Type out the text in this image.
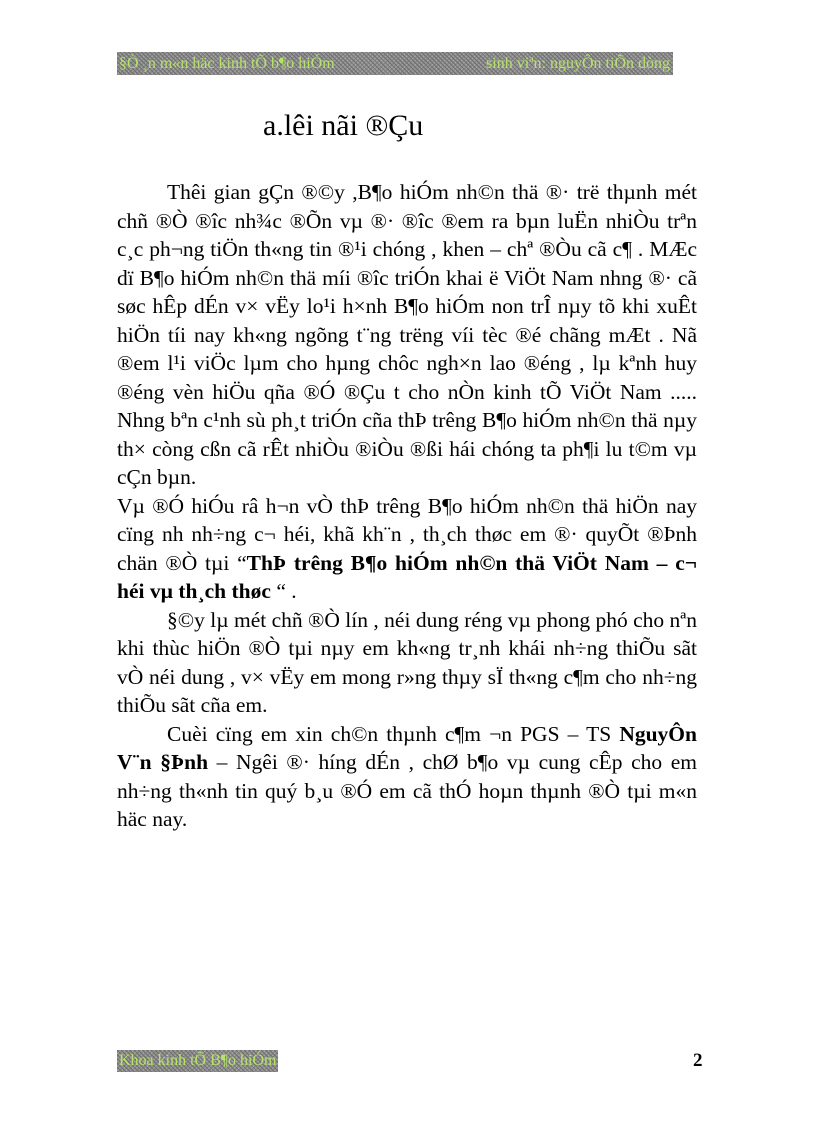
§Ò ¸n m«n häc kinh tÕ b¶o hiÓm	sinh viªn: nguyÔn tiÕn dòng
a.lêi nãi ®Çu

Thêi gian gÇn ®©y ,B¶o hiÓm nh©n thä ®· trë thµnh mét chñ ®Ò ®îc nh¾c ®Õn vµ ®· ®îc ®em ra bµn luËn nhiÒu trªn c¸c ph¬ng tiÖn th«ng tin ®¹i chóng , khen – chª ®Òu cã c¶ . MÆc dï B¶o hiÓm nh©n thä míi ®îc triÓn khai ë ViÖt Nam nhng ®· cã søc hÊp dÉn v× vËy lo¹i h×nh B¶o hiÓm non trÎ nµy tõ khi xuÊt hiÖn tíi nay kh«ng ngõng t¨ng trëng víi tèc ®é chãng mÆt . Nã ®em l¹i viÖc lµm cho hµng chôc ngh×n lao ®éng , lµ kªnh huy ®éng vèn hiÖu qña ®Ó ®Çu t cho nÒn kinh tÕ ViÖt Nam ..... Nhng bªn c¹nh sù ph¸t triÓn cña thÞ trêng B¶o hiÓm nh©n thä nµy th× còng cßn cã rÊt nhiÒu ®iÒu ®ßi hái chóng ta ph¶i lu t©m vµ cÇn bµn.

Vµ ®Ó hiÓu râ h¬n vÒ thÞ trêng B¶o hiÓm nh©n thä hiÖn nay cïng nh nh÷ng c¬ héi, khã kh¨n , th¸ch thøc em ®· quyÕt ®Þnh chän ®Ò tµi “ThÞ trêng B¶o hiÓm nh©n thä ViÖt Nam – c¬ héi vµ th¸ch thøc “ .

§©y lµ mét chñ ®Ò lín , néi dung réng vµ phong phó cho nªn khi thùc hiÖn ®Ò tµi nµy em kh«ng tr¸nh khái nh÷ng thiÕu sãt vÒ néi dung , v× vËy em mong r»ng thµy sÏ th«ng c¶m cho nh÷ng thiÕu sãt cña em.

Cuèi cïng em xin ch©n thµnh c¶m ¬n PGS – TS NguyÔn V¨n §Þnh – Ngêi ®· híng dÉn , chØ b¶o vµ cung cÊp cho em nh÷ng th«nh tin quý b¸u ®Ó em cã thÓ hoµn thµnh ®Ò tµi m«n häc nay.

Khoa kinh tÕ B¶o hiÓm	2
